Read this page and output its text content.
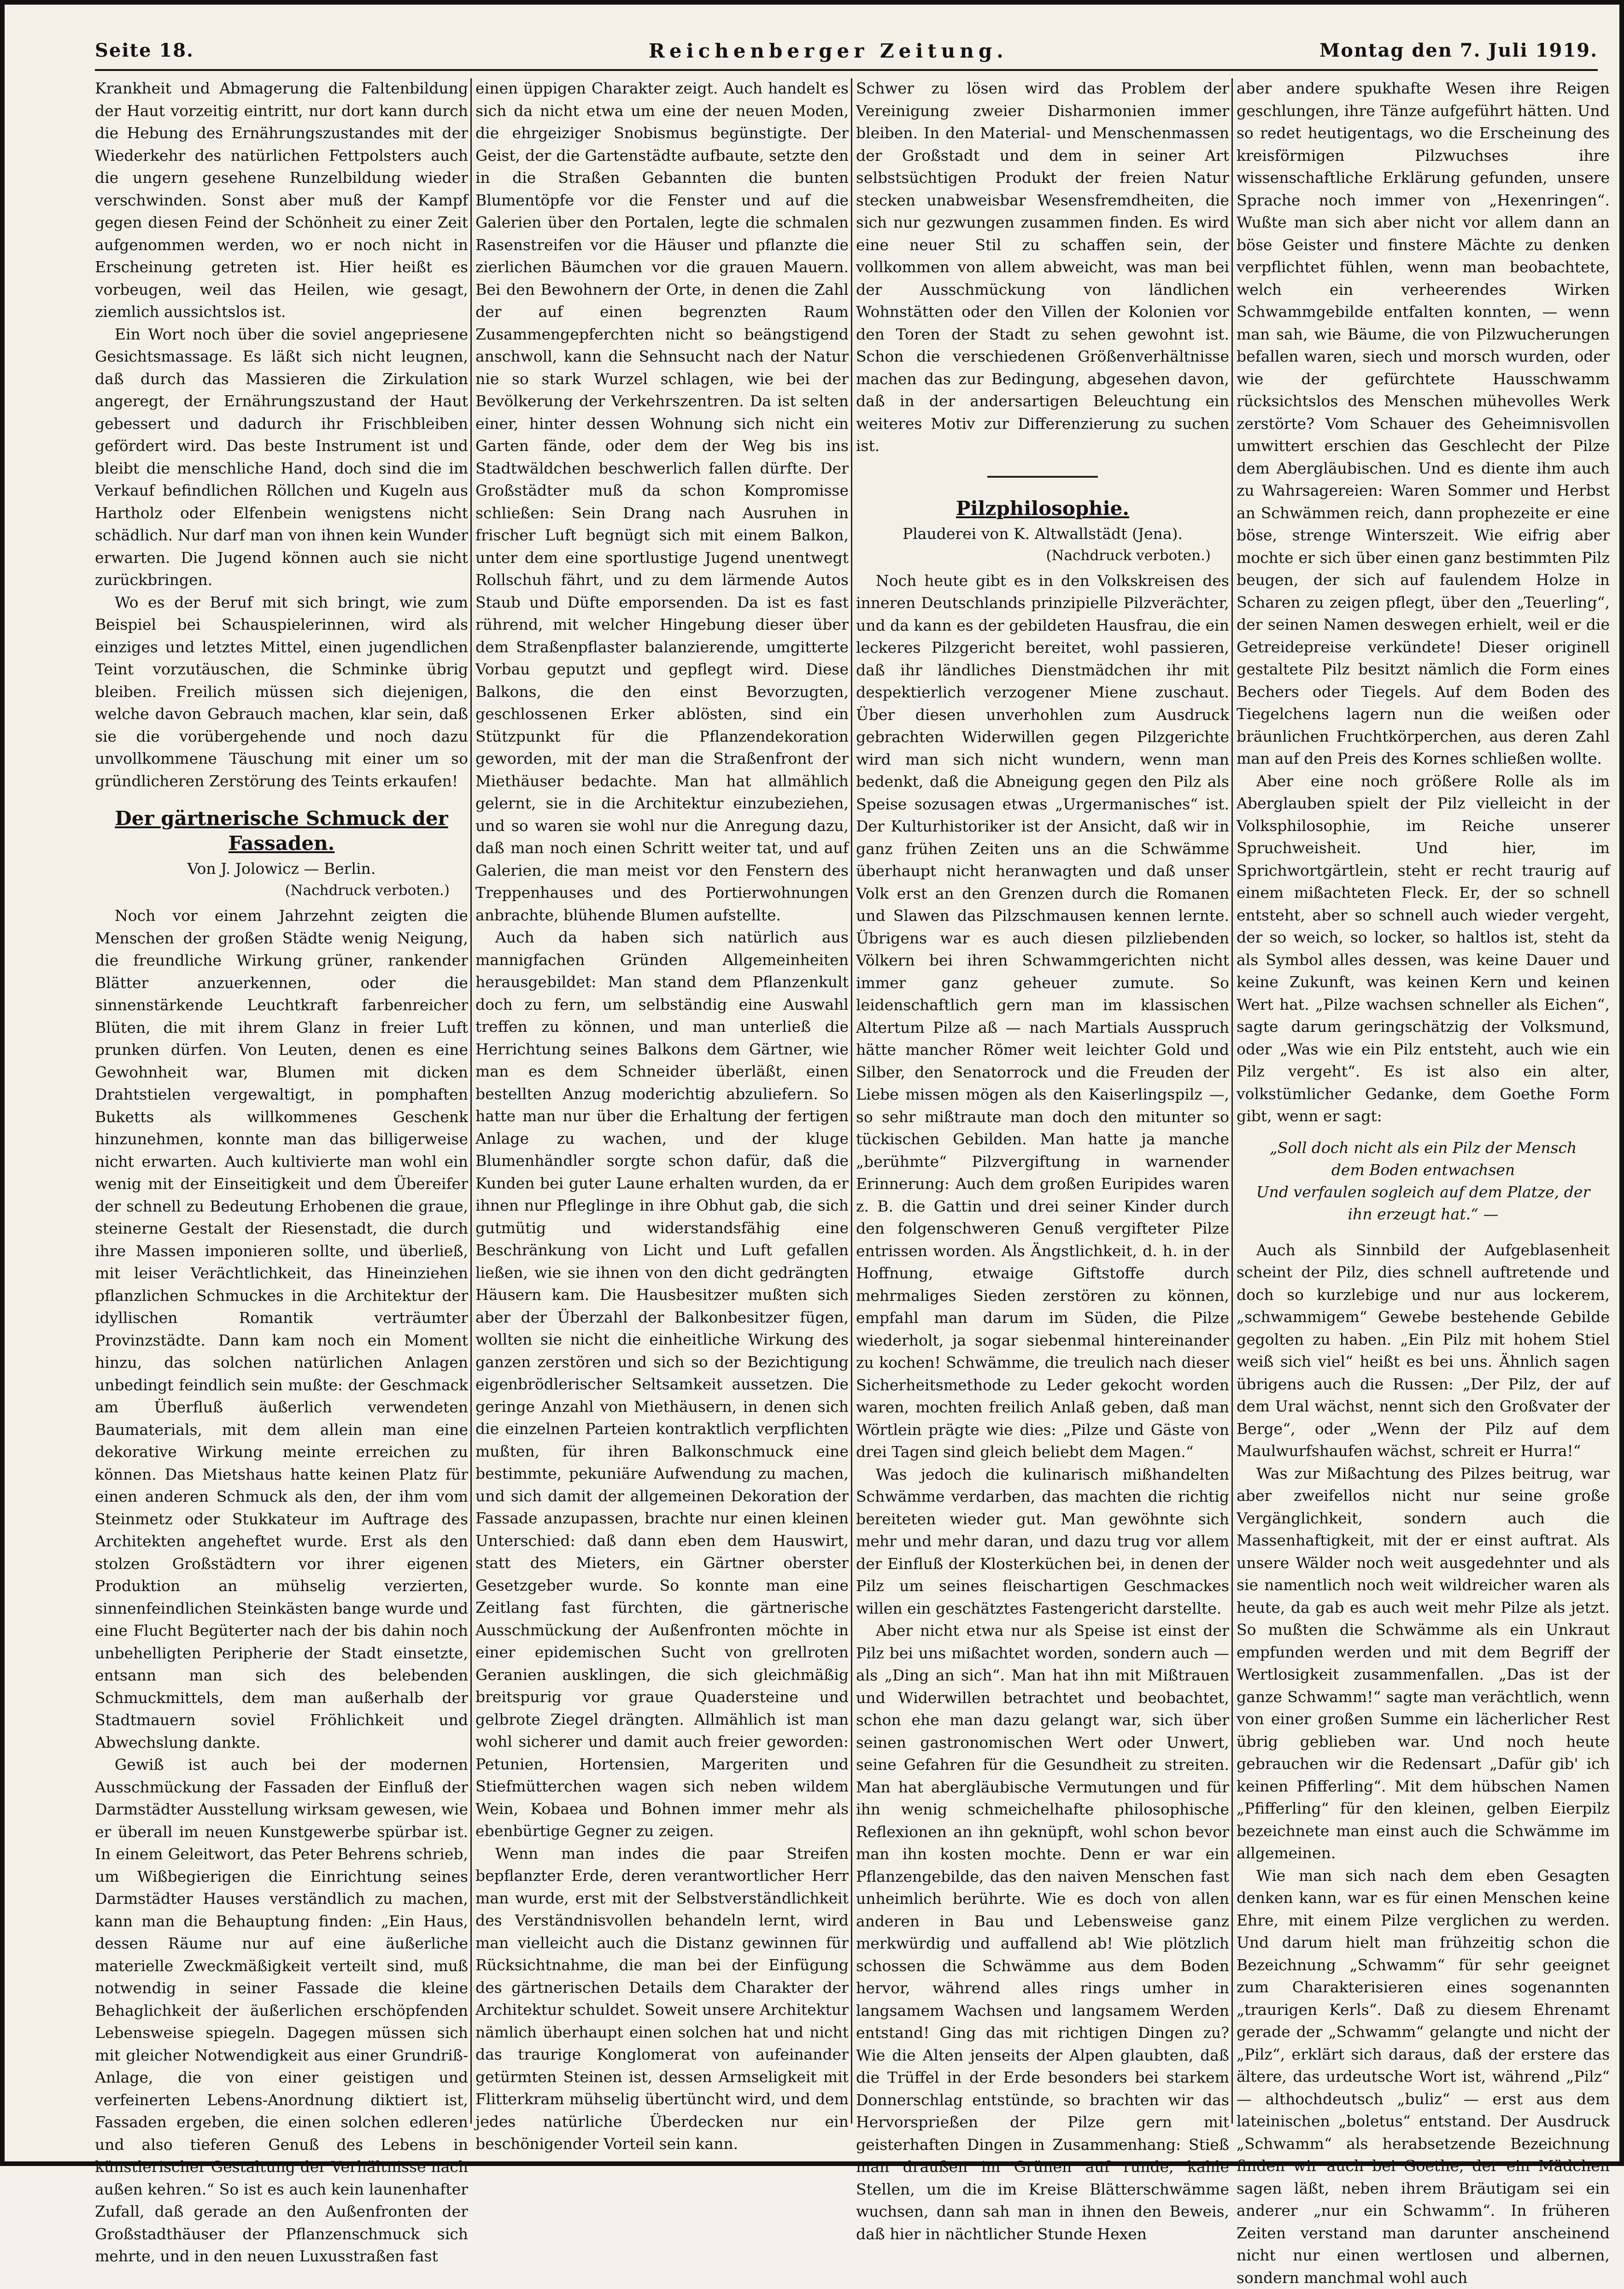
Seite 18.	Reichenberger Zeitung.	Montag den 7. Juli 1919.

Krankheit und Abmagerung die Faltenbildung der Haut vorzeitig eintritt, nur dort kann durch die Hebung des Ernährungszustandes mit der Wiederkehr des natürlichen Fettpolsters auch die ungern gesehene Runzelbildung wieder verschwinden. Sonst aber muß der Kampf gegen diesen Feind der Schönheit zu einer Zeit aufgenommen werden, wo er noch nicht in Erscheinung getreten ist. Hier heißt es vorbeugen, weil das Heilen, wie gesagt, ziemlich aussichtslos ist.

Ein Wort noch über die soviel angepriesene Gesichtsmassage. Es läßt sich nicht leugnen, daß durch das Massieren die Zirkulation angeregt, der Ernährungszustand der Haut gebessert und dadurch ihr Frischbleiben gefördert wird. Das beste Instrument ist und bleibt die menschliche Hand, doch sind die im Verkauf befindlichen Röllchen und Kugeln aus Hartholz oder Elfenbein wenigstens nicht schädlich. Nur darf man von ihnen kein Wunder erwarten. Die Jugend können auch sie nicht zurückbringen.

Wo es der Beruf mit sich bringt, wie zum Beispiel bei Schauspielerinnen, wird als einziges und letztes Mittel, einen jugendlichen Teint vorzutäuschen, die Schminke übrig bleiben. Freilich müssen sich diejenigen, welche davon Gebrauch machen, klar sein, daß sie die vorübergehende und noch dazu unvollkommene Täuschung mit einer um so gründlicheren Zerstörung des Teints erkaufen!

Der gärtnerische Schmuck der Fassaden.
Von J. Jolowicz — Berlin.
(Nachdruck verboten.)

Noch vor einem Jahrzehnt zeigten die Menschen der großen Städte wenig Neigung, die freundliche Wirkung grüner, rankender Blätter anzuerkennen, oder die sinnenstärkende Leuchtkraft farbenreicher Blüten, die mit ihrem Glanz in freier Luft prunken dürfen. Von Leuten, denen es eine Gewohnheit war, Blumen mit dicken Drahtstielen vergewaltigt, in pomphaften Buketts als willkommenes Geschenk hinzunehmen, konnte man das billigerweise nicht erwarten. Auch kultivierte man wohl ein wenig mit der Einseitigkeit und dem Übereifer der schnell zu Bedeutung Erhobenen die graue, steinerne Gestalt der Riesenstadt, die durch ihre Massen imponieren sollte, und überließ, mit leiser Verächtlichkeit, das Hineinziehen pflanzlichen Schmuckes in die Architektur der idyllischen Romantik verträumter Provinzstädte. Dann kam noch ein Moment hinzu, das solchen natürlichen Anlagen unbedingt feindlich sein mußte: der Geschmack am Überfluß äußerlich verwendeten Baumaterials, mit dem allein man eine dekorative Wirkung meinte erreichen zu können. Das Mietshaus hatte keinen Platz für einen anderen Schmuck als den, der ihm vom Steinmetz oder Stukkateur im Auftrage des Architekten angeheftet wurde. Erst als den stolzen Großstädtern vor ihrer eigenen Produktion an mühselig verzierten, sinnenfeindlichen Steinkästen bange wurde und eine Flucht Begüterter nach der bis dahin noch unbehelligten Peripherie der Stadt einsetzte, entsann man sich des belebenden Schmuckmittels, dem man außerhalb der Stadtmauern soviel Fröhlichkeit und Abwechslung dankte.

Gewiß ist auch bei der modernen Ausschmückung der Fassaden der Einfluß der Darmstädter Ausstellung wirksam gewesen, wie er überall im neuen Kunstgewerbe spürbar ist. In einem Geleitwort, das Peter Behrens schrieb, um Wißbegierigen die Einrichtung seines Darmstädter Hauses verständlich zu machen, kann man die Behauptung finden: „Ein Haus, dessen Räume nur auf eine äußerliche materielle Zweckmäßigkeit verteilt sind, muß notwendig in seiner Fassade die kleine Behaglichkeit der äußerlichen erschöpfenden Lebensweise spiegeln. Dagegen müssen sich mit gleicher Notwendigkeit aus einer Grundriß-Anlage, die von einer geistigen und verfeinerten Lebens-Anordnung diktiert ist, Fassaden ergeben, die einen solchen edleren und also tieferen Genuß des Lebens in künstlerischer Gestaltung der Verhältnisse nach außen kehren.“ So ist es auch kein launenhafter Zufall, daß gerade an den Außenfronten der Großstadthäuser der Pflanzenschmuck sich mehrte, und in den neuen Luxusstraßen fast

einen üppigen Charakter zeigt. Auch handelt es sich da nicht etwa um eine der neuen Moden, die ehrgeiziger Snobismus begünstigte. Der Geist, der die Gartenstädte aufbaute, setzte den in die Straßen Gebannten die bunten Blumentöpfe vor die Fenster und auf die Galerien über den Portalen, legte die schmalen Rasenstreifen vor die Häuser und pflanzte die zierlichen Bäumchen vor die grauen Mauern. Bei den Bewohnern der Orte, in denen die Zahl der auf einen begrenzten Raum Zusammengepferchten nicht so beängstigend anschwoll, kann die Sehnsucht nach der Natur nie so stark Wurzel schlagen, wie bei der Bevölkerung der Verkehrszentren. Da ist selten einer, hinter dessen Wohnung sich nicht ein Garten fände, oder dem der Weg bis ins Stadtwäldchen beschwerlich fallen dürfte. Der Großstädter muß da schon Kompromisse schließen: Sein Drang nach Ausruhen in frischer Luft begnügt sich mit einem Balkon, unter dem eine sportlustige Jugend unentwegt Rollschuh fährt, und zu dem lärmende Autos Staub und Düfte emporsenden. Da ist es fast rührend, mit welcher Hingebung dieser über dem Straßenpflaster balanzierende, umgitterte Vorbau geputzt und gepflegt wird. Diese Balkons, die den einst Bevorzugten, geschlossenen Erker ablösten, sind ein Stützpunkt für die Pflanzendekoration geworden, mit der man die Straßenfront der Miethäuser bedachte. Man hat allmählich gelernt, sie in die Architektur einzubeziehen, und so waren sie wohl nur die Anregung dazu, daß man noch einen Schritt weiter tat, und auf Galerien, die man meist vor den Fenstern des Treppenhauses und des Portierwohnungen anbrachte, blühende Blumen aufstellte.

Auch da haben sich natürlich aus mannigfachen Gründen Allgemeinheiten herausgebildet: Man stand dem Pflanzenkult doch zu fern, um selbständig eine Auswahl treffen zu können, und man unterließ die Herrichtung seines Balkons dem Gärtner, wie man es dem Schneider überläßt, einen bestellten Anzug moderichtig abzuliefern. So hatte man nur über die Erhaltung der fertigen Anlage zu wachen, und der kluge Blumenhändler sorgte schon dafür, daß die Kunden bei guter Laune erhalten wurden, da er ihnen nur Pfleglinge in ihre Obhut gab, die sich gutmütig und widerstandsfähig eine Beschränkung von Licht und Luft gefallen ließen, wie sie ihnen von den dicht gedrängten Häusern kam. Die Hausbesitzer mußten sich aber der Überzahl der Balkonbesitzer fügen, wollten sie nicht die einheitliche Wirkung des ganzen zerstören und sich so der Bezichtigung eigenbrödlerischer Seltsamkeit aussetzen. Die geringe Anzahl von Miethäusern, in denen sich die einzelnen Parteien kontraktlich verpflichten mußten, für ihren Balkonschmuck eine bestimmte, pekuniäre Aufwendung zu machen, und sich damit der allgemeinen Dekoration der Fassade anzupassen, brachte nur einen kleinen Unterschied: daß dann eben dem Hauswirt, statt des Mieters, ein Gärtner oberster Gesetzgeber wurde. So konnte man eine Zeitlang fast fürchten, die gärtnerische Ausschmückung der Außenfronten möchte in einer epidemischen Sucht von grellroten Geranien ausklingen, die sich gleichmäßig breitspurig vor graue Quadersteine und gelbrote Ziegel drängten. Allmählich ist man wohl sicherer und damit auch freier geworden: Petunien, Hortensien, Margeriten und Stiefmütterchen wagen sich neben wildem Wein, Kobaea und Bohnen immer mehr als ebenbürtige Gegner zu zeigen.

Wenn man indes die paar Streifen bepflanzter Erde, deren verantwortlicher Herr man wurde, erst mit der Selbstverständlichkeit des Verständnisvollen behandeln lernt, wird man vielleicht auch die Distanz gewinnen für Rücksichtnahme, die man bei der Einfügung des gärtnerischen Details dem Charakter der Architektur schuldet. Soweit unsere Architektur nämlich überhaupt einen solchen hat und nicht das traurige Konglomerat von aufeinander getürmten Steinen ist, dessen Armseligkeit mit Flitterkram mühselig übertüncht wird, und dem jedes natürliche Überdecken nur ein beschönigender Vorteil sein kann.

Schwer zu lösen wird das Problem der Vereinigung zweier Disharmonien immer bleiben. In den Material- und Menschenmassen der Großstadt und dem in seiner Art selbstsüchtigen Produkt der freien Natur stecken unabweisbar Wesensfremdheiten, die sich nur gezwungen zusammen finden. Es wird eine neuer Stil zu schaffen sein, der vollkommen von allem abweicht, was man bei der Ausschmückung von ländlichen Wohnstätten oder den Villen der Kolonien vor den Toren der Stadt zu sehen gewohnt ist. Schon die verschiedenen Größenverhältnisse machen das zur Bedingung, abgesehen davon, daß in der andersartigen Beleuchtung ein weiteres Motiv zur Differenzierung zu suchen ist.

Pilzphilosophie.
Plauderei von K. Altwallstädt (Jena).
(Nachdruck verboten.)

Noch heute gibt es in den Volkskreisen des inneren Deutschlands prinzipielle Pilzverächter, und da kann es der gebildeten Hausfrau, die ein leckeres Pilzgericht bereitet, wohl passieren, daß ihr ländliches Dienstmädchen ihr mit despektierlich verzogener Miene zuschaut. Über diesen unverhohlen zum Ausdruck gebrachten Widerwillen gegen Pilzgerichte wird man sich nicht wundern, wenn man bedenkt, daß die Abneigung gegen den Pilz als Speise sozusagen etwas „Urgermanisches“ ist. Der Kulturhistoriker ist der Ansicht, daß wir in ganz frühen Zeiten uns an die Schwämme überhaupt nicht heranwagten und daß unser Volk erst an den Grenzen durch die Romanen und Slawen das Pilzschmausen kennen lernte. Übrigens war es auch diesen pilzliebenden Völkern bei ihren Schwammgerichten nicht immer ganz geheuer zumute. So leidenschaftlich gern man im klassischen Altertum Pilze aß — nach Martials Ausspruch hätte mancher Römer weit leichter Gold und Silber, den Senatorrock und die Freuden der Liebe missen mögen als den Kaiserlingspilz —, so sehr mißtraute man doch den mitunter so tückischen Gebilden. Man hatte ja manche „berühmte“ Pilzvergiftung in warnender Erinnerung: Auch dem großen Euripides waren z. B. die Gattin und drei seiner Kinder durch den folgenschweren Genuß vergifteter Pilze entrissen worden. Als Ängstlichkeit, d. h. in der Hoffnung, etwaige Giftstoffe durch mehrmaliges Sieden zerstören zu können, empfahl man darum im Süden, die Pilze wiederholt, ja sogar siebenmal hintereinander zu kochen! Schwämme, die treulich nach dieser Sicherheitsmethode zu Leder gekocht worden waren, mochten freilich Anlaß geben, daß man Wörtlein prägte wie dies: „Pilze und Gäste von drei Tagen sind gleich beliebt dem Magen.“

Was jedoch die kulinarisch mißhandelten Schwämme verdarben, das machten die richtig bereiteten wieder gut. Man gewöhnte sich mehr und mehr daran, und dazu trug vor allem der Einfluß der Klosterküchen bei, in denen der Pilz um seines fleischartigen Geschmackes willen ein geschätztes Fastengericht darstellte.

Aber nicht etwa nur als Speise ist einst der Pilz bei uns mißachtet worden, sondern auch — als „Ding an sich“. Man hat ihn mit Mißtrauen und Widerwillen betrachtet und beobachtet, schon ehe man dazu gelangt war, sich über seinen gastronomischen Wert oder Unwert, seine Gefahren für die Gesundheit zu streiten. Man hat abergläubische Vermutungen und für ihn wenig schmeichelhafte philosophische Reflexionen an ihn geknüpft, wohl schon bevor man ihn kosten mochte. Denn er war ein Pflanzengebilde, das den naiven Menschen fast unheimlich berührte. Wie es doch von allen anderen in Bau und Lebensweise ganz merkwürdig und auffallend ab! Wie plötzlich schossen die Schwämme aus dem Boden hervor, während alles rings umher in langsamem Wachsen und langsamem Werden entstand! Ging das mit richtigen Dingen zu? Wie die Alten jenseits der Alpen glaubten, daß die Trüffel in der Erde besonders bei starkem Donnerschlag entstünde, so brachten wir das Hervorsprießen der Pilze gern mit geisterhaften Dingen in Zusammenhang: Stieß man draußen im Grünen auf runde, kahle Stellen, um die im Kreise Blätterschwämme wuchsen, dann sah man in ihnen den Beweis, daß hier in nächtlicher Stunde Hexen

aber andere spukhafte Wesen ihre Reigen geschlungen, ihre Tänze aufgeführt hätten. Und so redet heutigentags, wo die Erscheinung des kreisförmigen Pilzwuchses ihre wissenschaftliche Erklärung gefunden, unsere Sprache noch immer von „Hexenringen“. Wußte man sich aber nicht vor allem dann an böse Geister und finstere Mächte zu denken verpflichtet fühlen, wenn man beobachtete, welch ein verheerendes Wirken Schwammgebilde entfalten konnten, — wenn man sah, wie Bäume, die von Pilzwucherungen befallen waren, siech und morsch wurden, oder wie der gefürchtete Hausschwamm rücksichtslos des Menschen mühevolles Werk zerstörte? Vom Schauer des Geheimnisvollen umwittert erschien das Geschlecht der Pilze dem Abergläubischen. Und es diente ihm auch zu Wahrsagereien: Waren Sommer und Herbst an Schwämmen reich, dann prophezeite er eine böse, strenge Winterszeit. Wie eifrig aber mochte er sich über einen ganz bestimmten Pilz beugen, der sich auf faulendem Holze in Scharen zu zeigen pflegt, über den „Teuerling“, der seinen Namen deswegen erhielt, weil er die Getreidepreise verkündete! Dieser originell gestaltete Pilz besitzt nämlich die Form eines Bechers oder Tiegels. Auf dem Boden des Tiegelchens lagern nun die weißen oder bräunlichen Fruchtkörperchen, aus deren Zahl man auf den Preis des Kornes schließen wollte.

Aber eine noch größere Rolle als im Aberglauben spielt der Pilz vielleicht in der Volksphilosophie, im Reiche unserer Spruchweisheit. Und hier, im Sprichwortgärtlein, steht er recht traurig auf einem mißachteten Fleck. Er, der so schnell entsteht, aber so schnell auch wieder vergeht, der so weich, so locker, so haltlos ist, steht da als Symbol alles dessen, was keine Dauer und keine Zukunft, was keinen Kern und keinen Wert hat. „Pilze wachsen schneller als Eichen“, sagte darum geringschätzig der Volksmund, oder „Was wie ein Pilz entsteht, auch wie ein Pilz vergeht“. Es ist also ein alter, volkstümlicher Gedanke, dem Goethe Form gibt, wenn er sagt:

„Soll doch nicht als ein Pilz der Mensch
dem Boden entwachsen
Und verfaulen sogleich auf dem Platze, der
ihn erzeugt hat.“ —

Auch als Sinnbild der Aufgeblasenheit scheint der Pilz, dies schnell auftretende und doch so kurzlebige und nur aus lockerem, „schwammigem“ Gewebe bestehende Gebilde gegolten zu haben. „Ein Pilz mit hohem Stiel weiß sich viel“ heißt es bei uns. Ähnlich sagen übrigens auch die Russen: „Der Pilz, der auf dem Ural wächst, nennt sich den Großvater der Berge“, oder „Wenn der Pilz auf dem Maulwurfshaufen wächst, schreit er Hurra!“

Was zur Mißachtung des Pilzes beitrug, war aber zweifellos nicht nur seine große Vergänglichkeit, sondern auch die Massenhaftigkeit, mit der er einst auftrat. Als unsere Wälder noch weit ausgedehnter und als sie namentlich noch weit wildreicher waren als heute, da gab es auch weit mehr Pilze als jetzt. So mußten die Schwämme als ein Unkraut empfunden werden und mit dem Begriff der Wertlosigkeit zusammenfallen. „Das ist der ganze Schwamm!“ sagte man verächtlich, wenn von einer großen Summe ein lächerlicher Rest übrig geblieben war. Und noch heute gebrauchen wir die Redensart „Dafür gib' ich keinen Pfifferling“. Mit dem hübschen Namen „Pfifferling“ für den kleinen, gelben Eierpilz bezeichnete man einst auch die Schwämme im allgemeinen.

Wie man sich nach dem eben Gesagten denken kann, war es für einen Menschen keine Ehre, mit einem Pilze verglichen zu werden. Und darum hielt man frühzeitig schon die Bezeichnung „Schwamm“ für sehr geeignet zum Charakterisieren eines sogenannten „traurigen Kerls“. Daß zu diesem Ehrenamt gerade der „Schwamm“ gelangte und nicht der „Pilz“, erklärt sich daraus, daß der erstere das ältere, das urdeutsche Wort ist, während „Pilz“ — althochdeutsch „buliz“ — erst aus dem lateinischen „boletus“ entstand. Der Ausdruck „Schwamm“ als herabsetzende Bezeichnung finden wir auch bei Goethe, der ein Mädchen sagen läßt, neben ihrem Bräutigam sei ein anderer „nur ein Schwamm“. In früheren Zeiten verstand man darunter anscheinend nicht nur einen wertlosen und albernen, sondern manchmal wohl auch
